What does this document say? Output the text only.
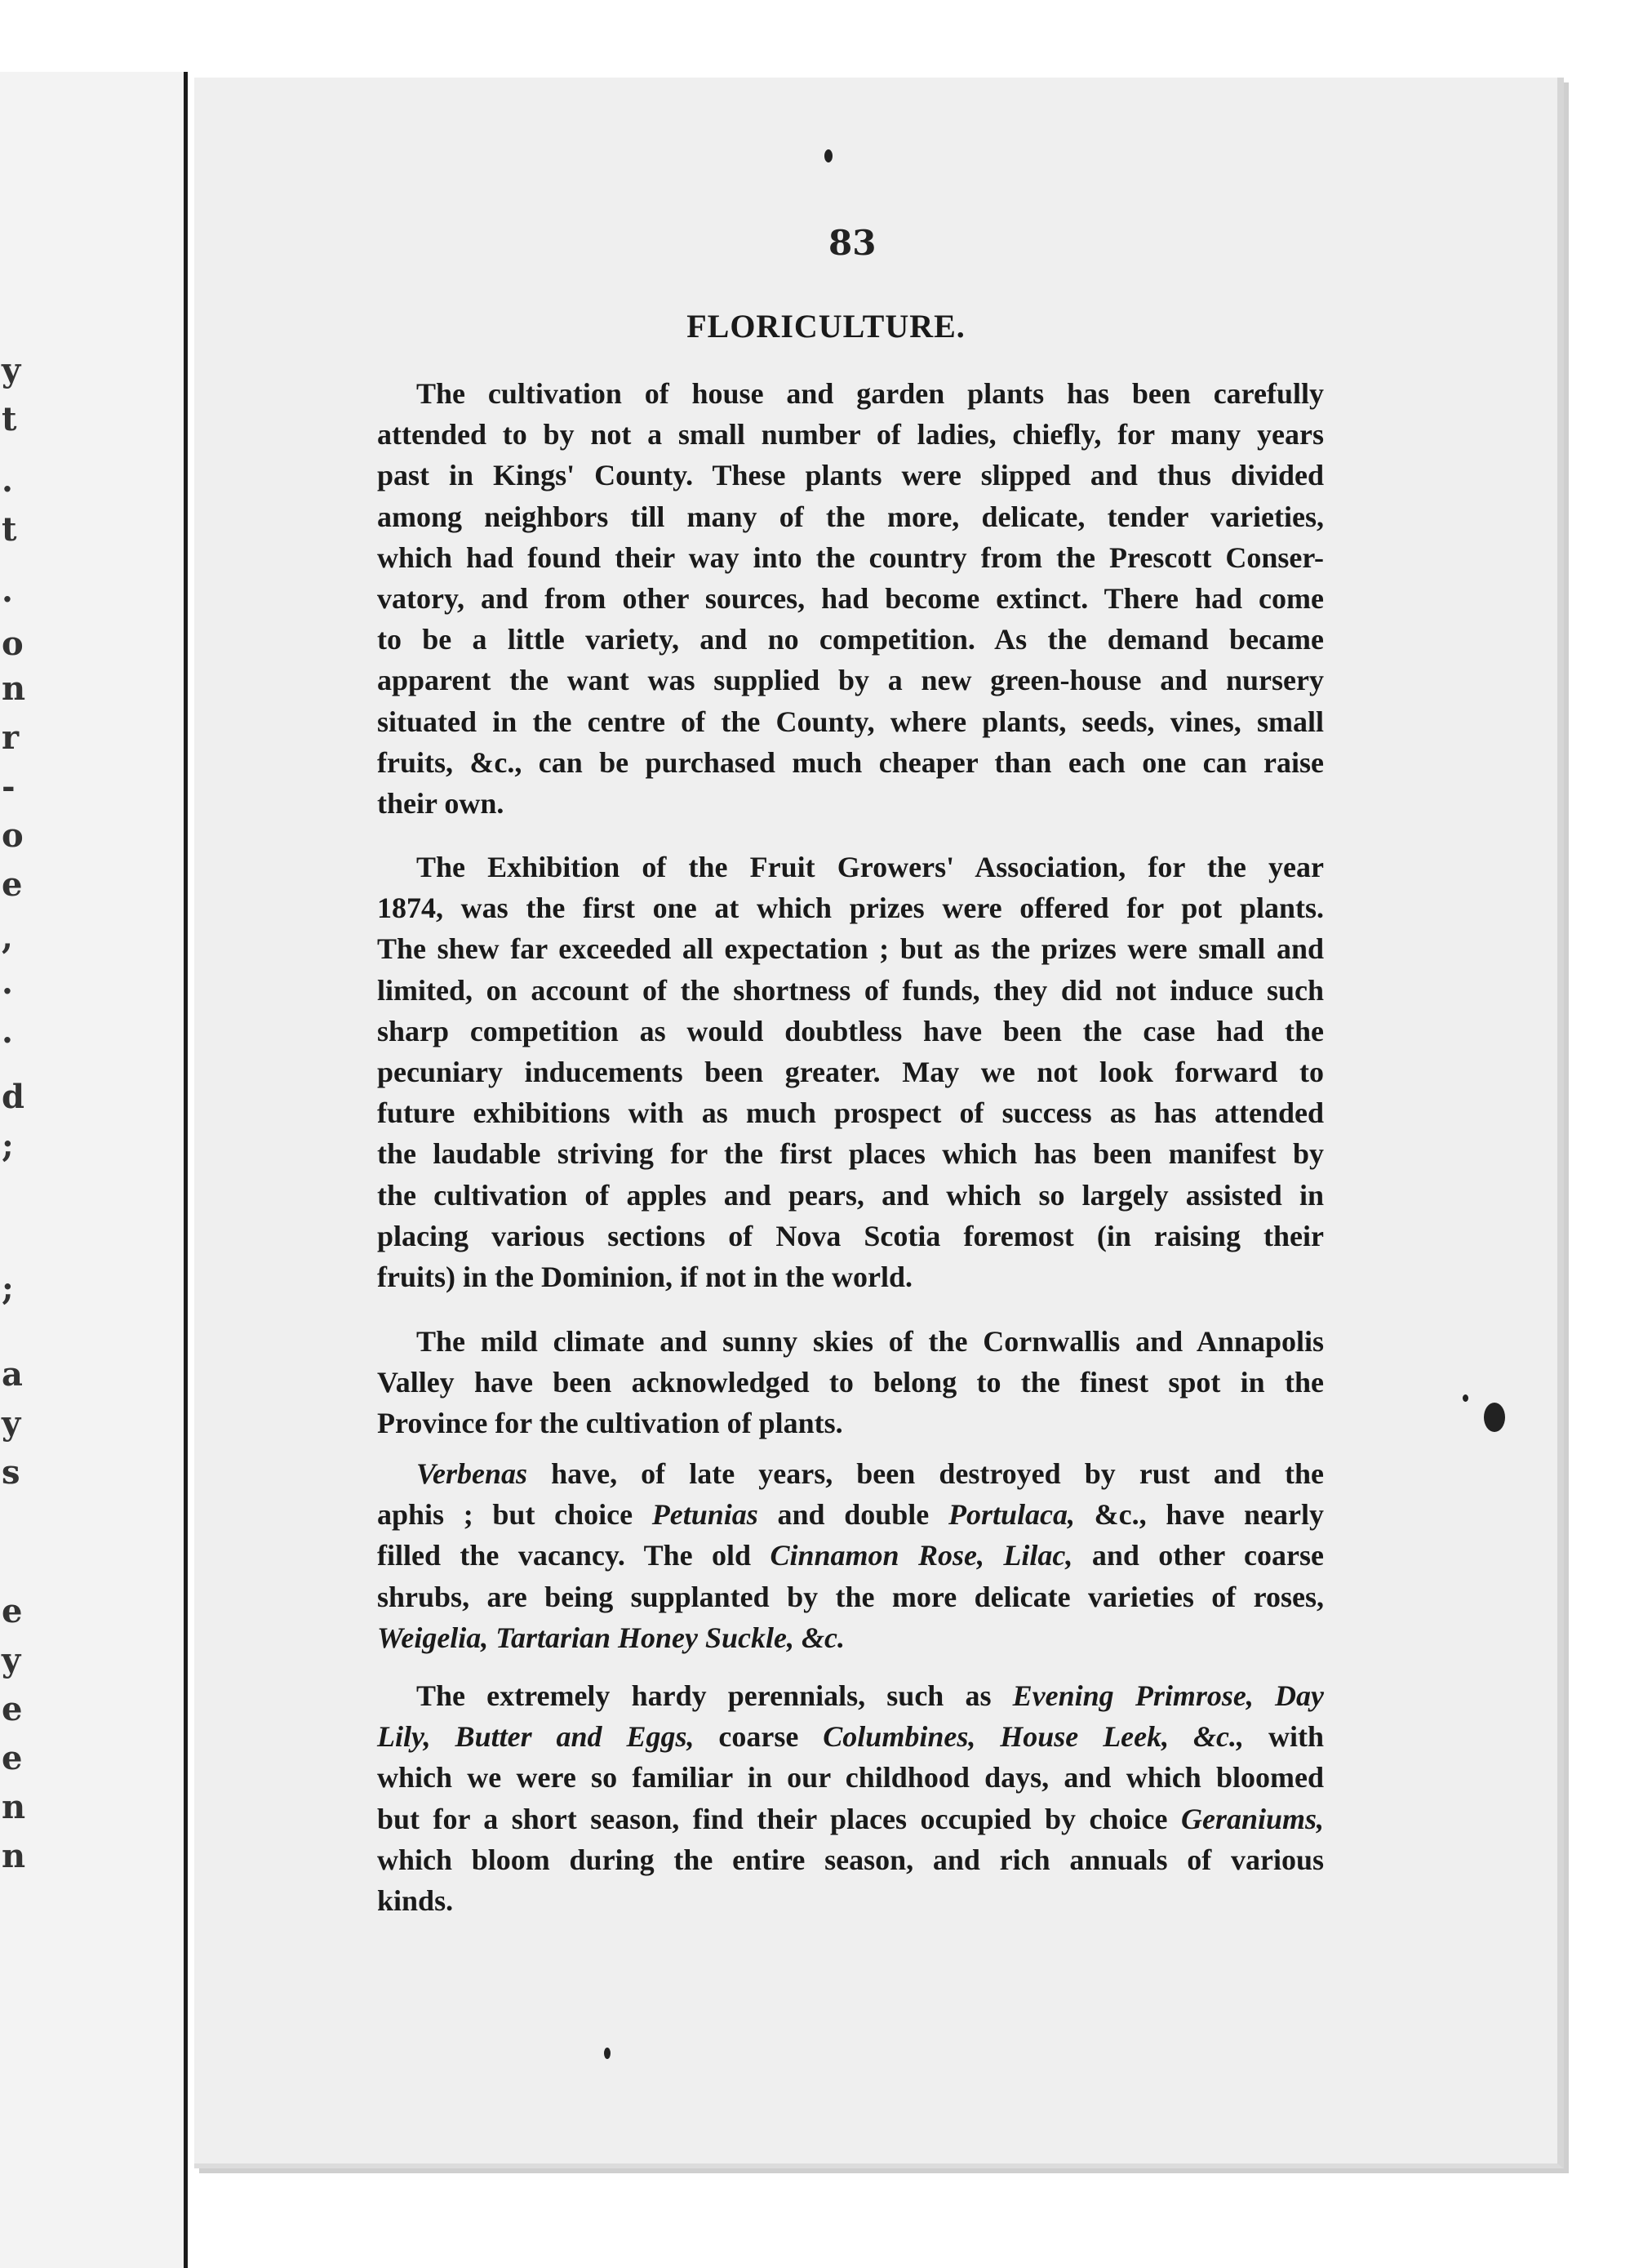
y
t
.
t
.
o
n
r
-
o
e
,
.
.
d
;
;
a
y
s
e
y
e
e
n
n
83
FLORICULTURE.
The cultivation of house and garden plants has been carefully
attended to by not a small number of ladies, chiefly, for many years
past in Kings' County. These plants were slipped and thus divided
among neighbors till many of the more, delicate, tender varieties,
which had found their way into the country from the Prescott Conser-
vatory, and from other sources, had become extinct. There had come
to be a little variety, and no competition. As the demand became
apparent the want was supplied by a new green-house and nursery
situated in the centre of the County, where plants, seeds, vines, small
fruits, &c., can be purchased much cheaper than each one can raise
their own.
The Exhibition of the Fruit Growers' Association, for the year
1874, was the first one at which prizes were offered for pot plants.
The shew far exceeded all expectation ; but as the prizes were small and
limited, on account of the shortness of funds, they did not induce such
sharp competition as would doubtless have been the case had the
pecuniary inducements been greater. May we not look forward to
future exhibitions with as much prospect of success as has attended
the laudable striving for the first places which has been manifest by
the cultivation of apples and pears, and which so largely assisted in
placing various sections of Nova Scotia foremost (in raising their
fruits) in the Dominion, if not in the world.
The mild climate and sunny skies of the Cornwallis and Annapolis
Valley have been acknowledged to belong to the finest spot in the
Province for the cultivation of plants.
Verbenas have, of late years, been destroyed by rust and the
aphis ; but choice Petunias and double Portulaca, &c., have nearly
filled the vacancy. The old Cinnamon Rose, Lilac, and other coarse
shrubs, are being supplanted by the more delicate varieties of roses,
Weigelia, Tartarian Honey Suckle, &c.
The extremely hardy perennials, such as Evening Primrose, Day
Lily, Butter and Eggs, coarse Columbines, House Leek, &c., with
which we were so familiar in our childhood days, and which bloomed
but for a short season, find their places occupied by choice Geraniums,
which bloom during the entire season, and rich annuals of various
kinds.
